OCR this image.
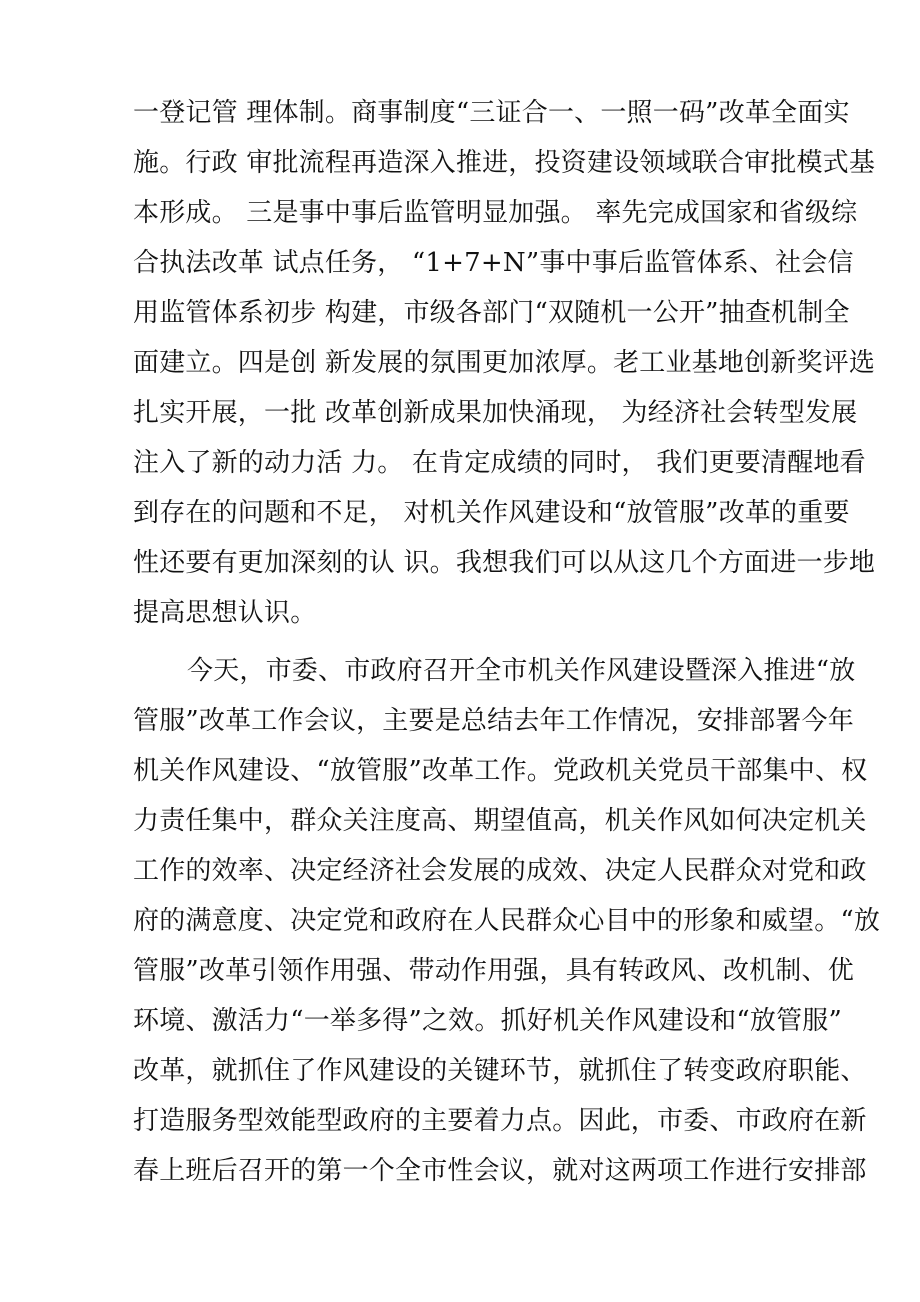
一登记管 理体制。商事制度“三证合一、一照一码”改革全面实
施。行政 审批流程再造深入推进，投资建设领域联合审批模式基
本形成。 三是事中事后监管明显加强。 率先完成国家和省级综
合执法改革 试点任务， “1+7+N”事中事后监管体系、社会信
用监管体系初步 构建，市级各部门“双随机一公开”抽查机制全
面建立。四是创 新发展的氛围更加浓厚。老工业基地创新奖评选
扎实开展，一批 改革创新成果加快涌现， 为经济社会转型发展
注入了新的动力活 力。 在肯定成绩的同时， 我们更要清醒地看
到存在的问题和不足， 对机关作风建设和“放管服”改革的重要
性还要有更加深刻的认 识。我想我们可以从这几个方面进一步地
提高思想认识。
今天，市委、市政府召开全市机关作风建设暨深入推进“放
管服”改革工作会议，主要是总结去年工作情况，安排部署今年
机关作风建设、“放管服”改革工作。党政机关党员干部集中、权
力责任集中，群众关注度高、期望值高，机关作风如何决定机关
工作的效率、决定经济社会发展的成效、决定人民群众对党和政
府的满意度、决定党和政府在人民群众心目中的形象和威望。“放
管服”改革引领作用强、带动作用强，具有转政风、改机制、优
环境、激活力“一举多得”之效。抓好机关作风建设和“放管服”
改革，就抓住了作风建设的关键环节，就抓住了转变政府职能、
打造服务型效能型政府的主要着力点。因此，市委、市政府在新
春上班后召开的第一个全市性会议，就对这两项工作进行安排部
